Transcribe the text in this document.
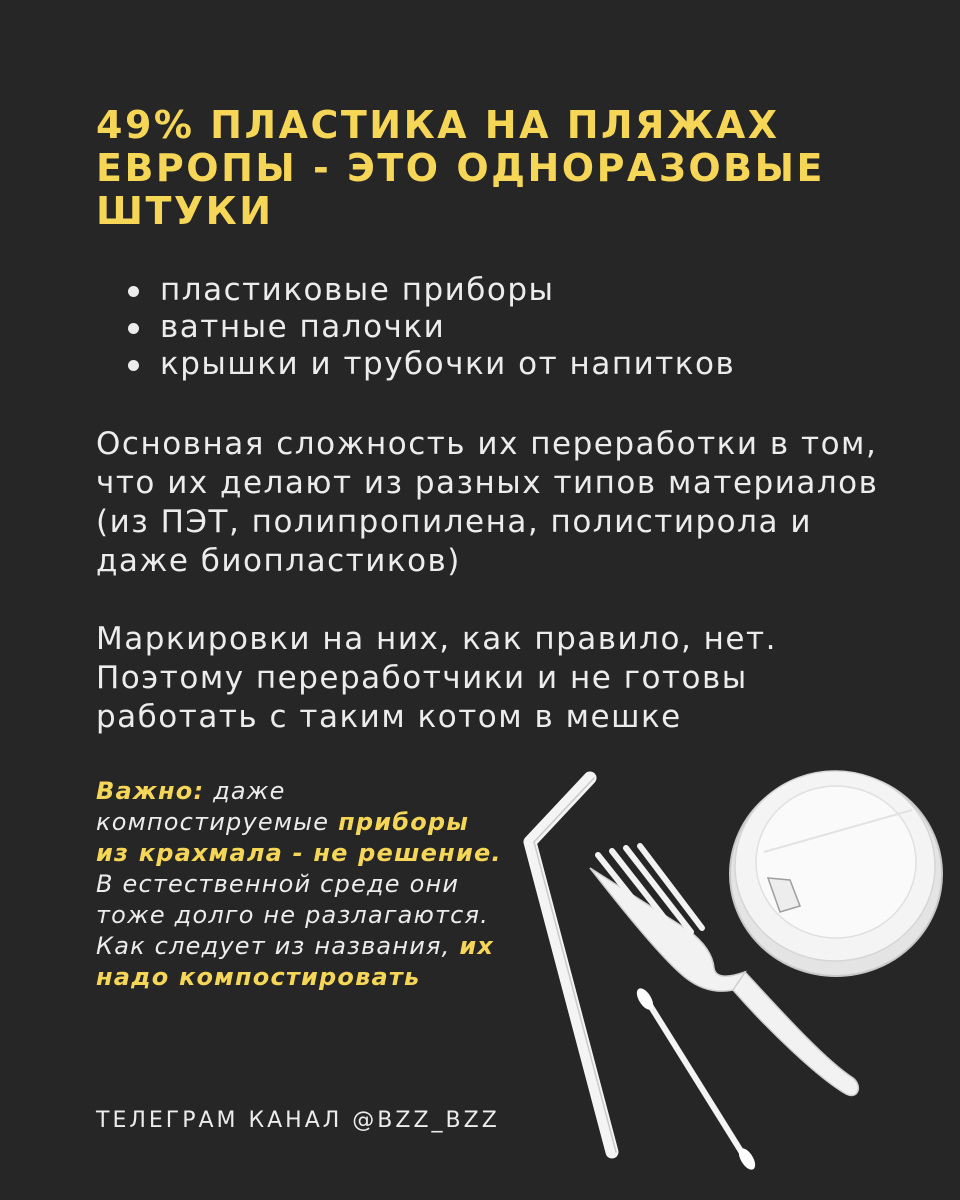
49% ПЛАСТИКА НА ПЛЯЖАХ ЕВРОПЫ - ЭТО ОДНОРАЗОВЫЕ ШТУКИ
пластиковые приборы
ватные палочки
крышки и трубочки от напитков

Основная сложность их переработки в том, что их делают из разных типов материалов (из ПЭТ, полипропилена, полистирола и даже биопластиков)

Маркировки на них, как правило, нет. Поэтому переработчики и не готовы работать с таким котом в мешке

Важно: даже компостируемые приборы из крахмала - не решение. В естественной среде они тоже долго не разлагаются. Как следует из названия, их надо компостировать

ТЕЛЕГРАМ КАНАЛ @BZZ_BZZ
